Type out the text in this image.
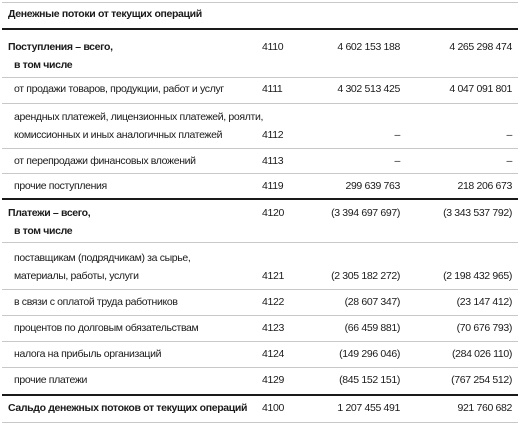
Денежные потоки от текущих операций
Поступления – всего,	4110	4 602 153 188	4 265 298 474
в том числе
от продажи товаров, продукции, работ и услуг	4111	4 302 513 425	4 047 091 801
арендных платежей, лицензионных платежей, роялти,
комиссионных и иных аналогичных платежей	4112	–	–
от перепродажи финансовых вложений	4113	–	–
прочие поступления	4119	299 639 763	218 206 673
Платежи – всего,	4120	(3 394 697 697)	(3 343 537 792)
в том числе
поставщикам (подрядчикам) за сырье,
материалы, работы, услуги	4121	(2 305 182 272)	(2 198 432 965)
в связи с оплатой труда работников	4122	(28 607 347)	(23 147 412)
процентов по долговым обязательствам	4123	(66 459 881)	(70 676 793)
налога на прибыль организаций	4124	(149 296 046)	(284 026 110)
прочие платежи	4129	(845 152 151)	(767 254 512)
Сальдо денежных потоков от текущих операций 4100	1 207 455 491	921 760 682
